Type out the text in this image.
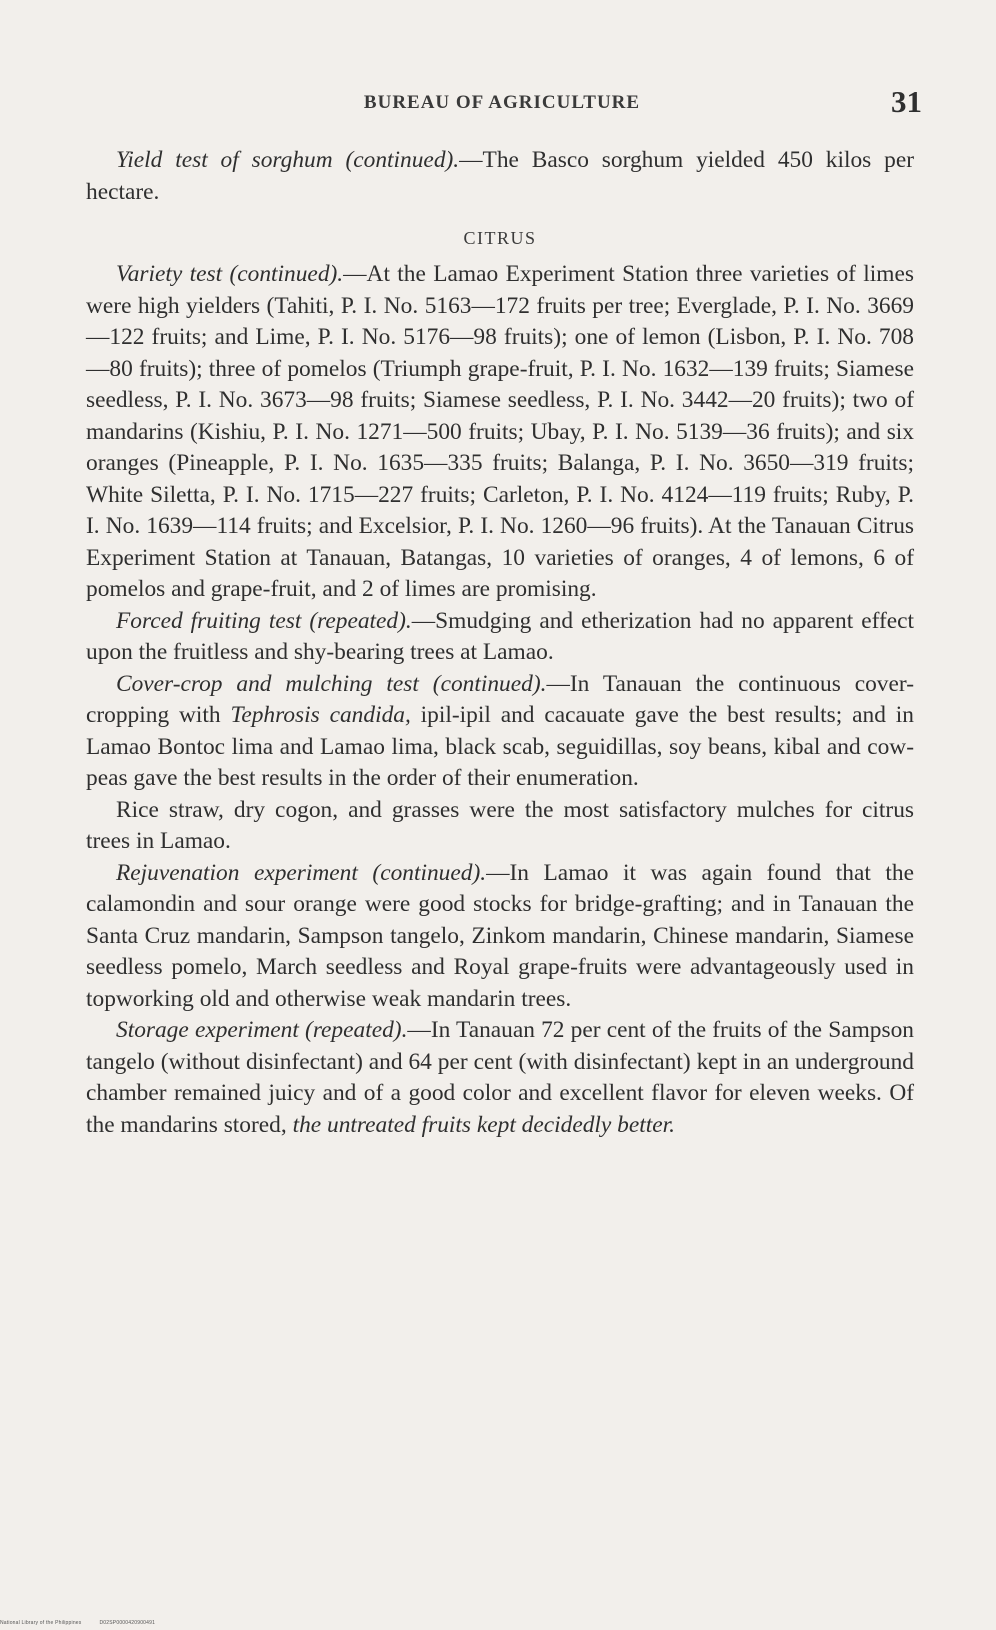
BUREAU OF AGRICULTURE	31

Yield test of sorghum (continued).—The Basco sorghum yielded 450 kilos per hectare.

CITRUS

Variety test (continued).—At the Lamao Experiment Station three varieties of limes were high yielders (Tahiti, P. I. No. 5163—172 fruits per tree; Everglade, P. I. No. 3669—122 fruits; and Lime, P. I. No. 5176—98 fruits); one of lemon (Lisbon, P. I. No. 708—80 fruits); three of pomelos (Triumph grape-fruit, P. I. No. 1632—139 fruits; Siamese seedless, P. I. No. 3673—98 fruits; Siamese seedless, P. I. No. 3442—20 fruits); two of mandarins (Kishiu, P. I. No. 1271—500 fruits; Ubay, P. I. No. 5139—36 fruits); and six oranges (Pineapple, P. I. No. 1635—335 fruits; Balanga, P. I. No. 3650—319 fruits; White Siletta, P. I. No. 1715—227 fruits; Carleton, P. I. No. 4124—119 fruits; Ruby, P. I. No. 1639—114 fruits; and Excelsior, P. I. No. 1260—96 fruits). At the Tanauan Citrus Experiment Station at Tanauan, Batangas, 10 varieties of oranges, 4 of lemons, 6 of pomelos and grape-fruit, and 2 of limes are promising.

Forced fruiting test (repeated).—Smudging and etherization had no apparent effect upon the fruitless and shy-bearing trees at Lamao.

Cover-crop and mulching test (continued).—In Tanauan the continuous cover-cropping with Tephrosis candida, ipil-ipil and cacauate gave the best results; and in Lamao Bontoc lima and Lamao lima, black scab, seguidillas, soy beans, kibal and cow-peas gave the best results in the order of their enumeration.

Rice straw, dry cogon, and grasses were the most satisfactory mulches for citrus trees in Lamao.

Rejuvenation experiment (continued).—In Lamao it was again found that the calamondin and sour orange were good stocks for bridge-grafting; and in Tanauan the Santa Cruz mandarin, Sampson tangelo, Zinkom mandarin, Chinese mandarin, Siamese seedless pomelo, March seedless and Royal grape-fruits were advantageously used in topworking old and otherwise weak mandarin trees.

Storage experiment (repeated).—In Tanauan 72 per cent of the fruits of the Sampson tangelo (without disinfectant) and 64 per cent (with disinfectant) kept in an underground chamber remained juicy and of a good color and excellent flavor for eleven weeks. Of the mandarins stored, the untreated fruits kept decidedly better.

National Library of the Philippines	D02SP0000420900491
